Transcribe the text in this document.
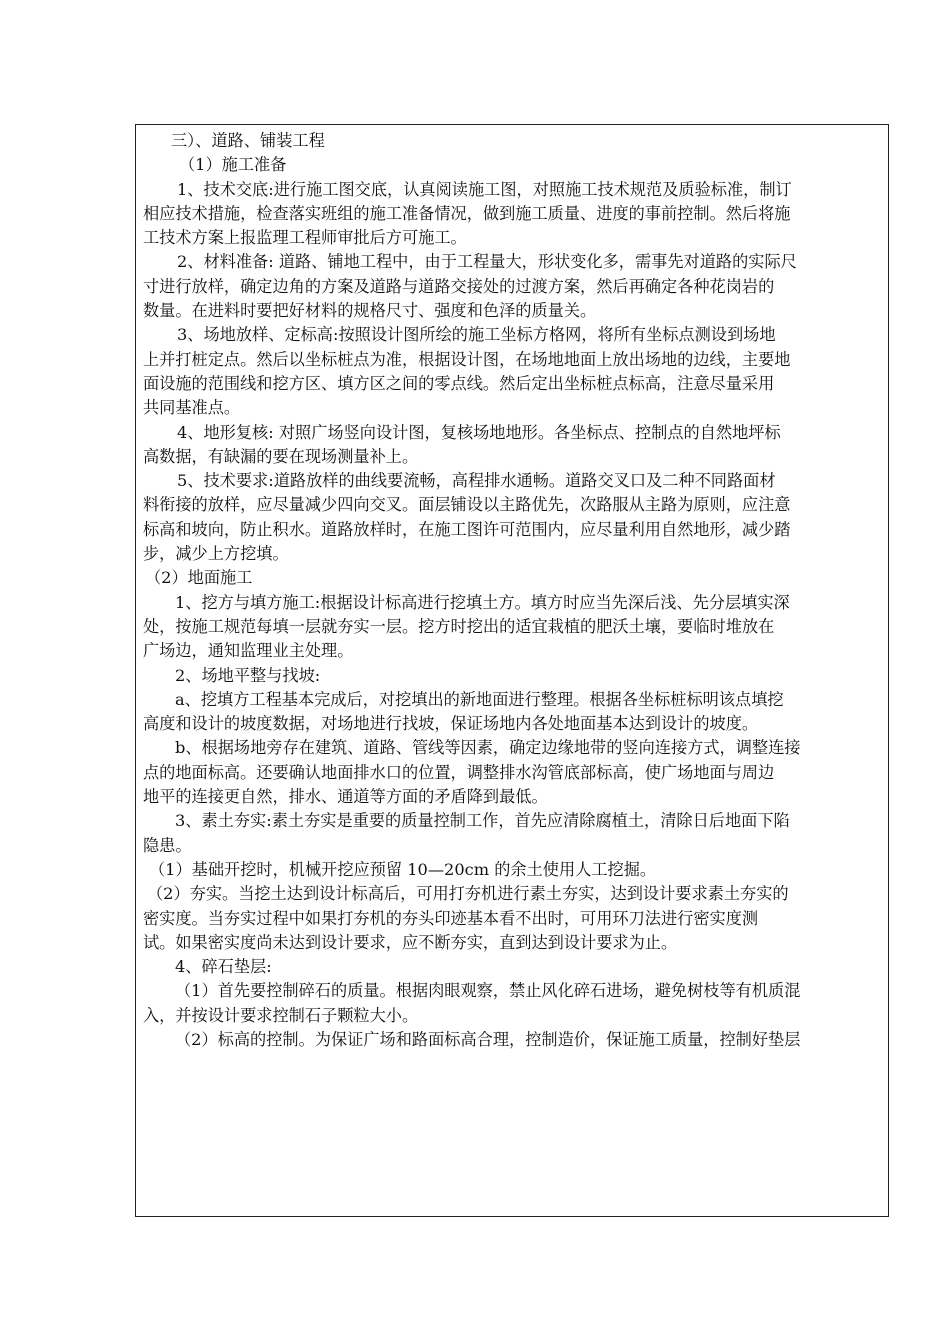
三）、道路、铺装工程
（1）施工准备
1、技术交底:进行施工图交底，认真阅读施工图，对照施工技术规范及质验标准，制订
相应技术措施，检查落实班组的施工准备情况，做到施工质量、进度的事前控制。然后将施
工技术方案上报监理工程师审批后方可施工。
2、材料准备: 道路、铺地工程中，由于工程量大，形状变化多，需事先对道路的实际尺
寸进行放样，确定边角的方案及道路与道路交接处的过渡方案，然后再确定各种花岗岩的
数量。在进料时要把好材料的规格尺寸、强度和色泽的质量关。
3、场地放样、定标高:按照设计图所绘的施工坐标方格网，将所有坐标点测设到场地
上并打桩定点。然后以坐标桩点为准，根据设计图，在场地地面上放出场地的边线，主要地
面设施的范围线和挖方区、填方区之间的零点线。然后定出坐标桩点标高，注意尽量采用
共同基准点。
4、地形复核: 对照广场竖向设计图，复核场地地形。各坐标点、控制点的自然地坪标
高数据，有缺漏的要在现场测量补上。
5、技术要求:道路放样的曲线要流畅，高程排水通畅。道路交叉口及二种不同路面材
料衔接的放样，应尽量减少四向交叉。面层铺设以主路优先，次路服从主路为原则，应注意
标高和坡向，防止积水。道路放样时，在施工图许可范围内，应尽量利用自然地形，减少踏
步，减少上方挖填。
（2）地面施工
1、挖方与填方施工:根据设计标高进行挖填土方。填方时应当先深后浅、先分层填实深
处，按施工规范每填一层就夯实一层。挖方时挖出的适宜栽植的肥沃土壤，要临时堆放在
广场边，通知监理业主处理。
2、场地平整与找坡:
a、挖填方工程基本完成后，对挖填出的新地面进行整理。根据各坐标桩标明该点填挖
高度和设计的坡度数据，对场地进行找坡，保证场地内各处地面基本达到设计的坡度。
b、根据场地旁存在建筑、道路、管线等因素，确定边缘地带的竖向连接方式，调整连接
点的地面标高。还要确认地面排水口的位置，调整排水沟管底部标高，使广场地面与周边
地平的连接更自然，排水、通道等方面的矛盾降到最低。
3、素土夯实:素土夯实是重要的质量控制工作，首先应清除腐植土，清除日后地面下陷
隐患。
（1）基础开挖时，机械开挖应预留 10—20cm 的余土使用人工挖掘。
（2）夯实。当挖土达到设计标高后，可用打夯机进行素土夯实，达到设计要求素土夯实的
密实度。当夯实过程中如果打夯机的夯头印迹基本看不出时，可用环刀法进行密实度测
试。如果密实度尚未达到设计要求，应不断夯实，直到达到设计要求为止。
4、碎石垫层:
（1）首先要控制碎石的质量。根据肉眼观察，禁止风化碎石进场，避免树枝等有机质混
入，并按设计要求控制石子颗粒大小。
（2）标高的控制。为保证广场和路面标高合理，控制造价，保证施工质量，控制好垫层
